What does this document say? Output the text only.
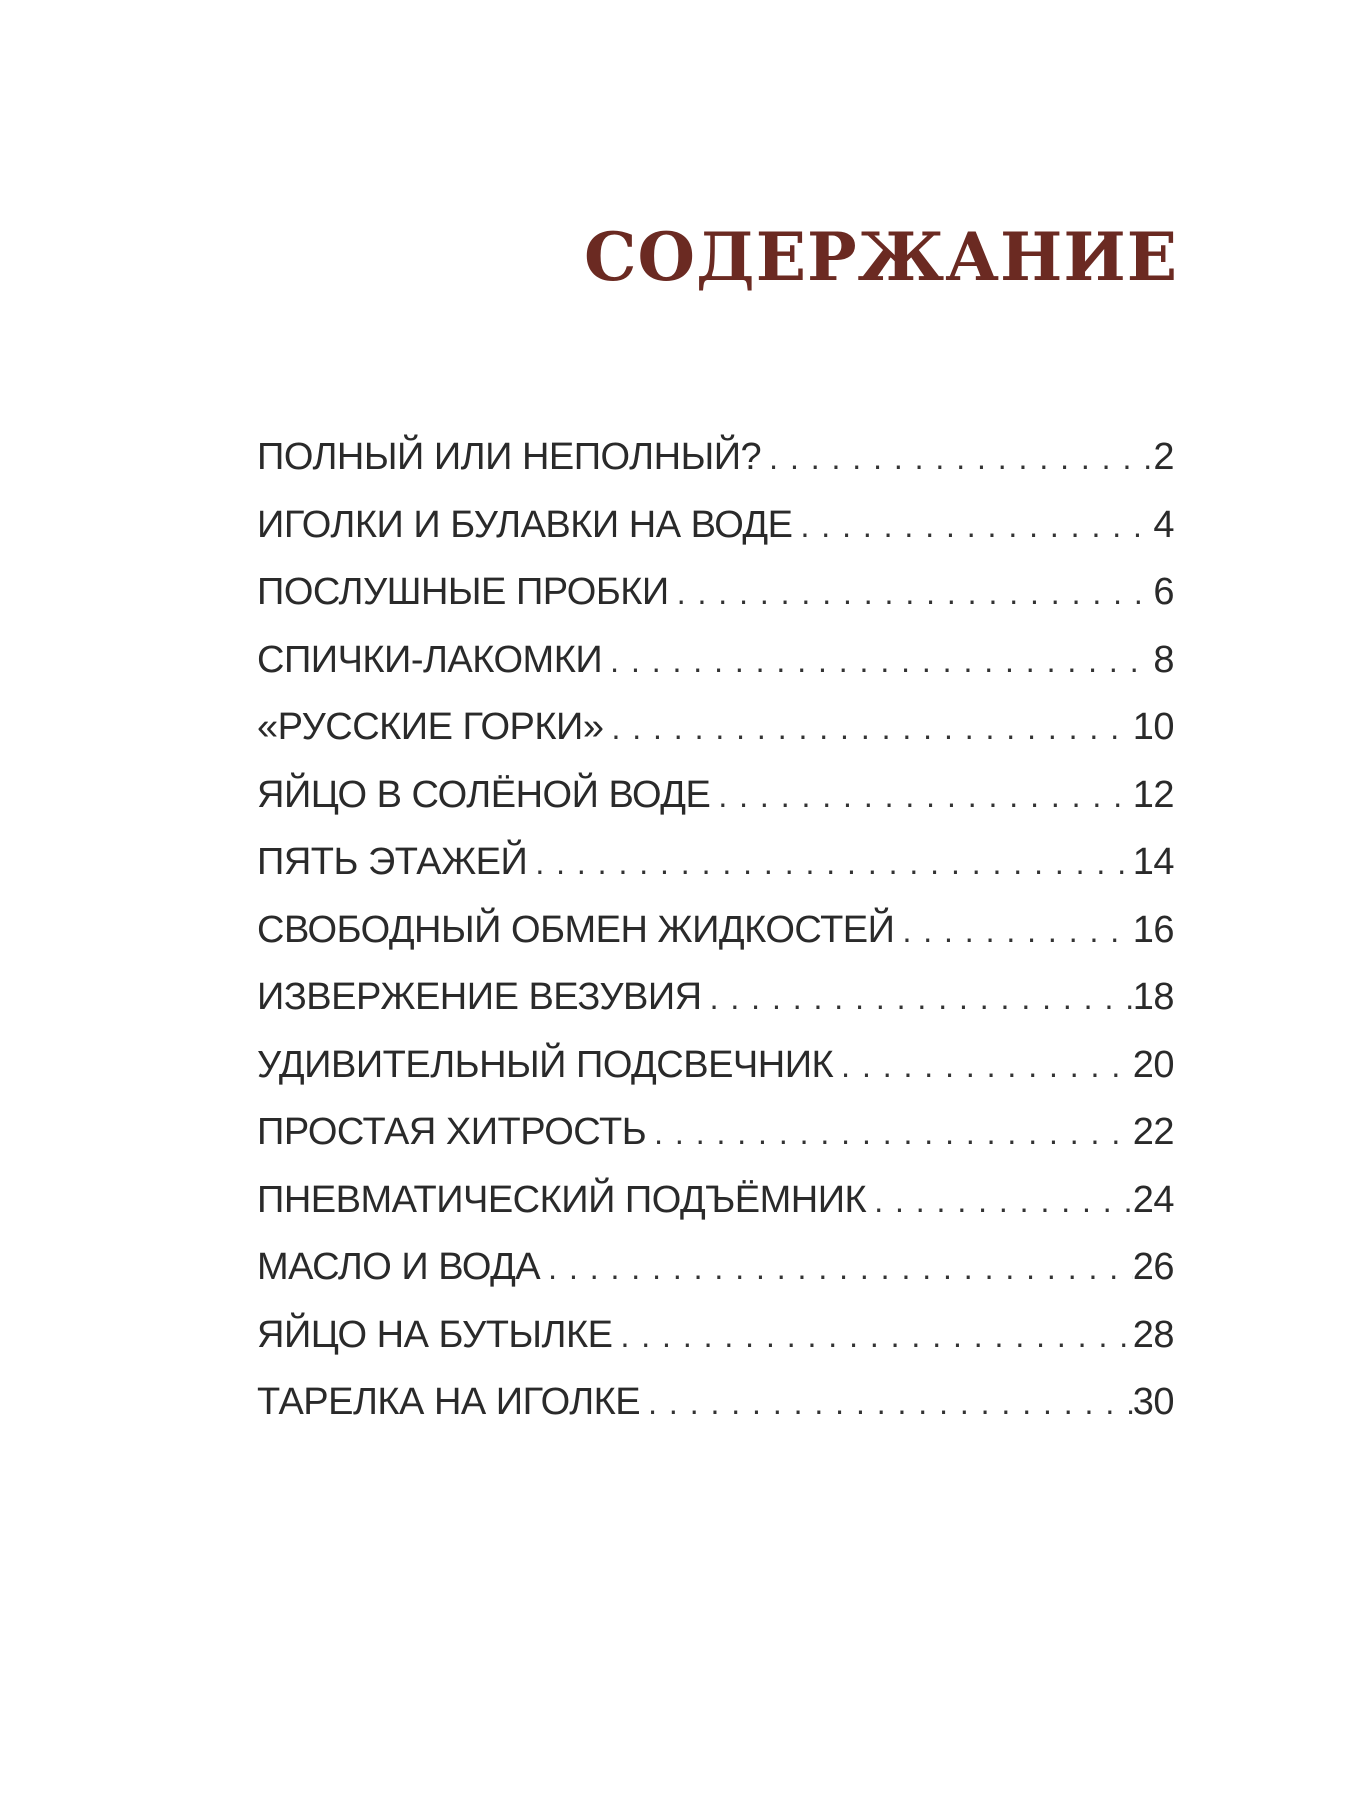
СОДЕРЖАНИЕ
ПОЛНЫЙ ИЛИ НЕПОЛНЫЙ? . . .	2
ИГОЛКИ И БУЛАВКИ НА ВОДЕ . . .	4
ПОСЛУШНЫЕ ПРОБКИ . . .	6
СПИЧКИ-ЛАКОМКИ . . .	8
«РУССКИЕ ГОРКИ» . . .	10
ЯЙЦО В СОЛЁНОЙ ВОДЕ . . .	12
ПЯТЬ ЭТАЖЕЙ . . .	14
СВОБОДНЫЙ ОБМЕН ЖИДКОСТЕЙ . . .	16
ИЗВЕРЖЕНИЕ ВЕЗУВИЯ . . .	18
УДИВИТЕЛЬНЫЙ ПОДСВЕЧНИК . . .	20
ПРОСТАЯ ХИТРОСТЬ . . .	22
ПНЕВМАТИЧЕСКИЙ ПОДЪЁМНИК . . .	24
МАСЛО И ВОДА . . .	26
ЯЙЦО НА БУТЫЛКЕ . . .	28
ТАРЕЛКА НА ИГОЛКЕ . . .	30
